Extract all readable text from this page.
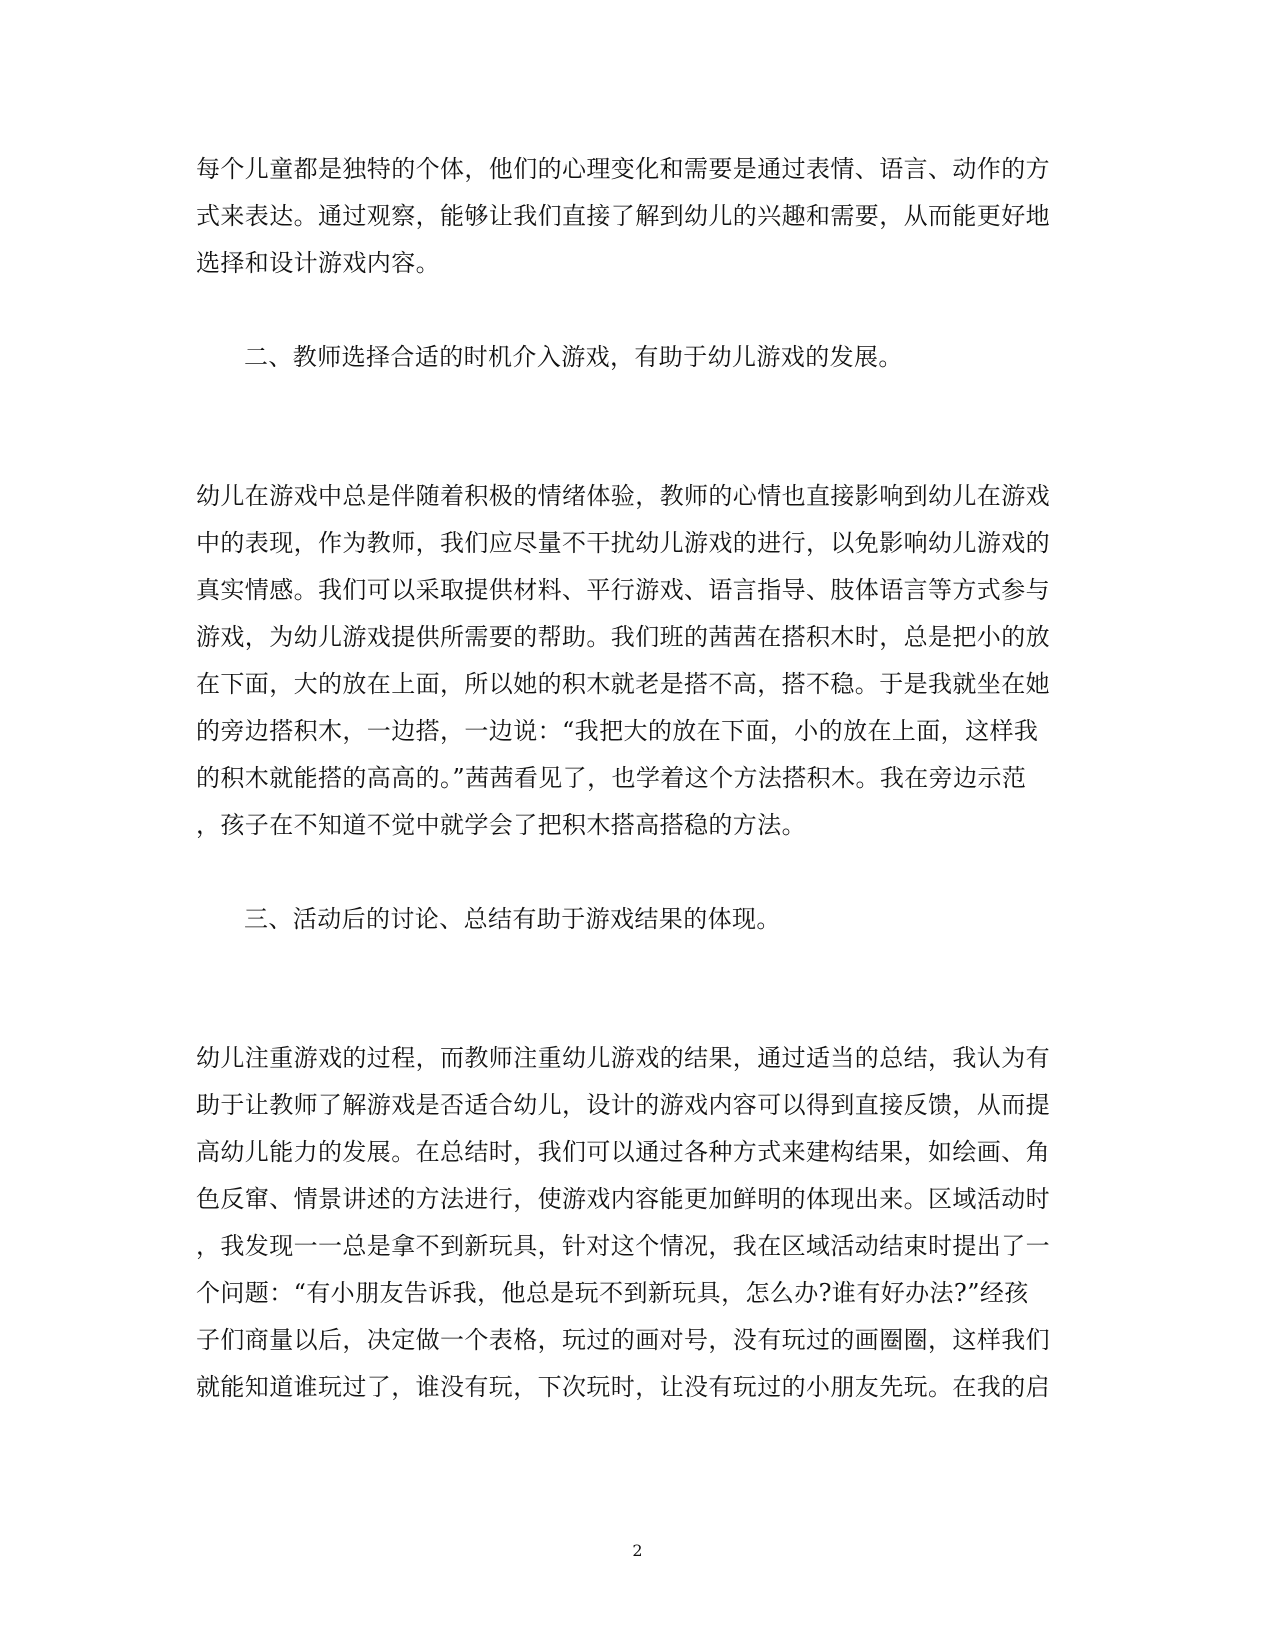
每个儿童都是独特的个体，他们的心理变化和需要是通过表情、语言、动作的方
式来表达。通过观察，能够让我们直接了解到幼儿的兴趣和需要，从而能更好地
选择和设计游戏内容。
二、教师选择合适的时机介入游戏，有助于幼儿游戏的发展。
幼儿在游戏中总是伴随着积极的情绪体验，教师的心情也直接影响到幼儿在游戏
中的表现，作为教师，我们应尽量不干扰幼儿游戏的进行，以免影响幼儿游戏的
真实情感。我们可以采取提供材料、平行游戏、语言指导、肢体语言等方式参与
游戏，为幼儿游戏提供所需要的帮助。我们班的茜茜在搭积木时，总是把小的放
在下面，大的放在上面，所以她的积木就老是搭不高，搭不稳。于是我就坐在她
的旁边搭积木，一边搭，一边说：“我把大的放在下面，小的放在上面，这样我
的积木就能搭的高高的。”茜茜看见了，也学着这个方法搭积木。我在旁边示范
，孩子在不知道不觉中就学会了把积木搭高搭稳的方法。
三、活动后的讨论、总结有助于游戏结果的体现。
幼儿注重游戏的过程，而教师注重幼儿游戏的结果，通过适当的总结，我认为有
助于让教师了解游戏是否适合幼儿，设计的游戏内容可以得到直接反馈，从而提
高幼儿能力的发展。在总结时，我们可以通过各种方式来建构结果，如绘画、角
色反窜、情景讲述的方法进行，使游戏内容能更加鲜明的体现出来。区域活动时
，我发现一一总是拿不到新玩具，针对这个情况，我在区域活动结束时提出了一
个问题：“有小朋友告诉我，他总是玩不到新玩具，怎么办?谁有好办法?”经孩
子们商量以后，决定做一个表格，玩过的画对号，没有玩过的画圈圈，这样我们
就能知道谁玩过了，谁没有玩，下次玩时，让没有玩过的小朋友先玩。在我的启
2
